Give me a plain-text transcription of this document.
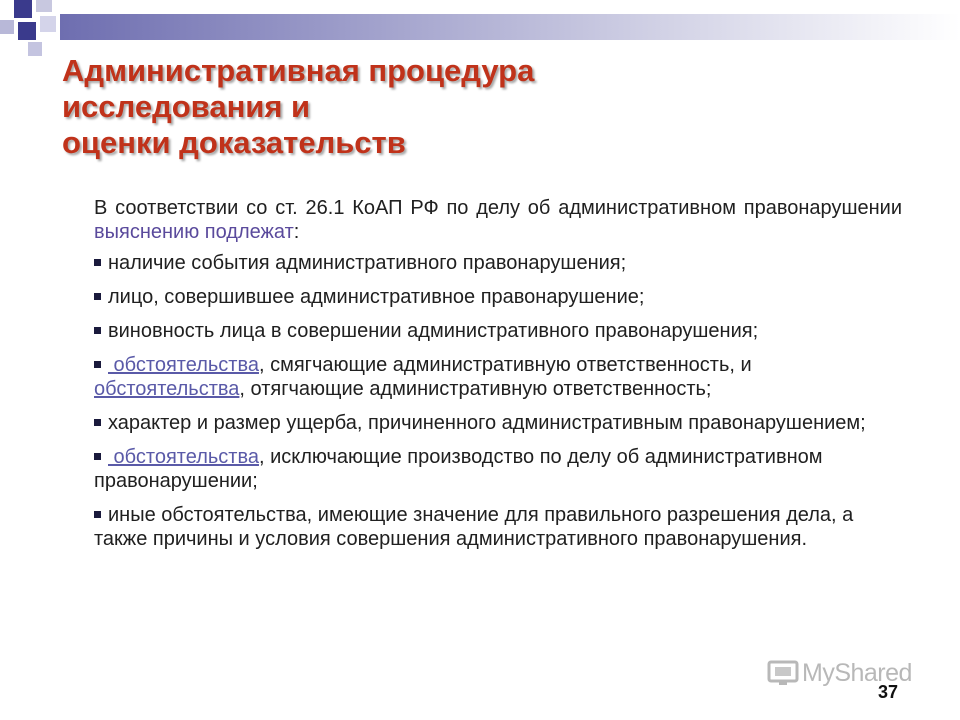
Административная процедура
исследования и
оценки доказательств

В соответствии со ст. 26.1 КоАП РФ по делу об административном правонарушении выяснению подлежат:

наличие события административного правонарушения;
лицо, совершившее административное правонарушение;
виновность лица в совершении административного правонарушения;
обстоятельства, смягчающие административную ответственность, и обстоятельства, отягчающие административную ответственность;
характер и размер ущерба, причиненного административным правонарушением;
обстоятельства, исключающие производство по делу об административном правонарушении;
иные обстоятельства, имеющие значение для правильного разрешения дела, а также причины и условия совершения административного правонарушения.
MyShared
37
